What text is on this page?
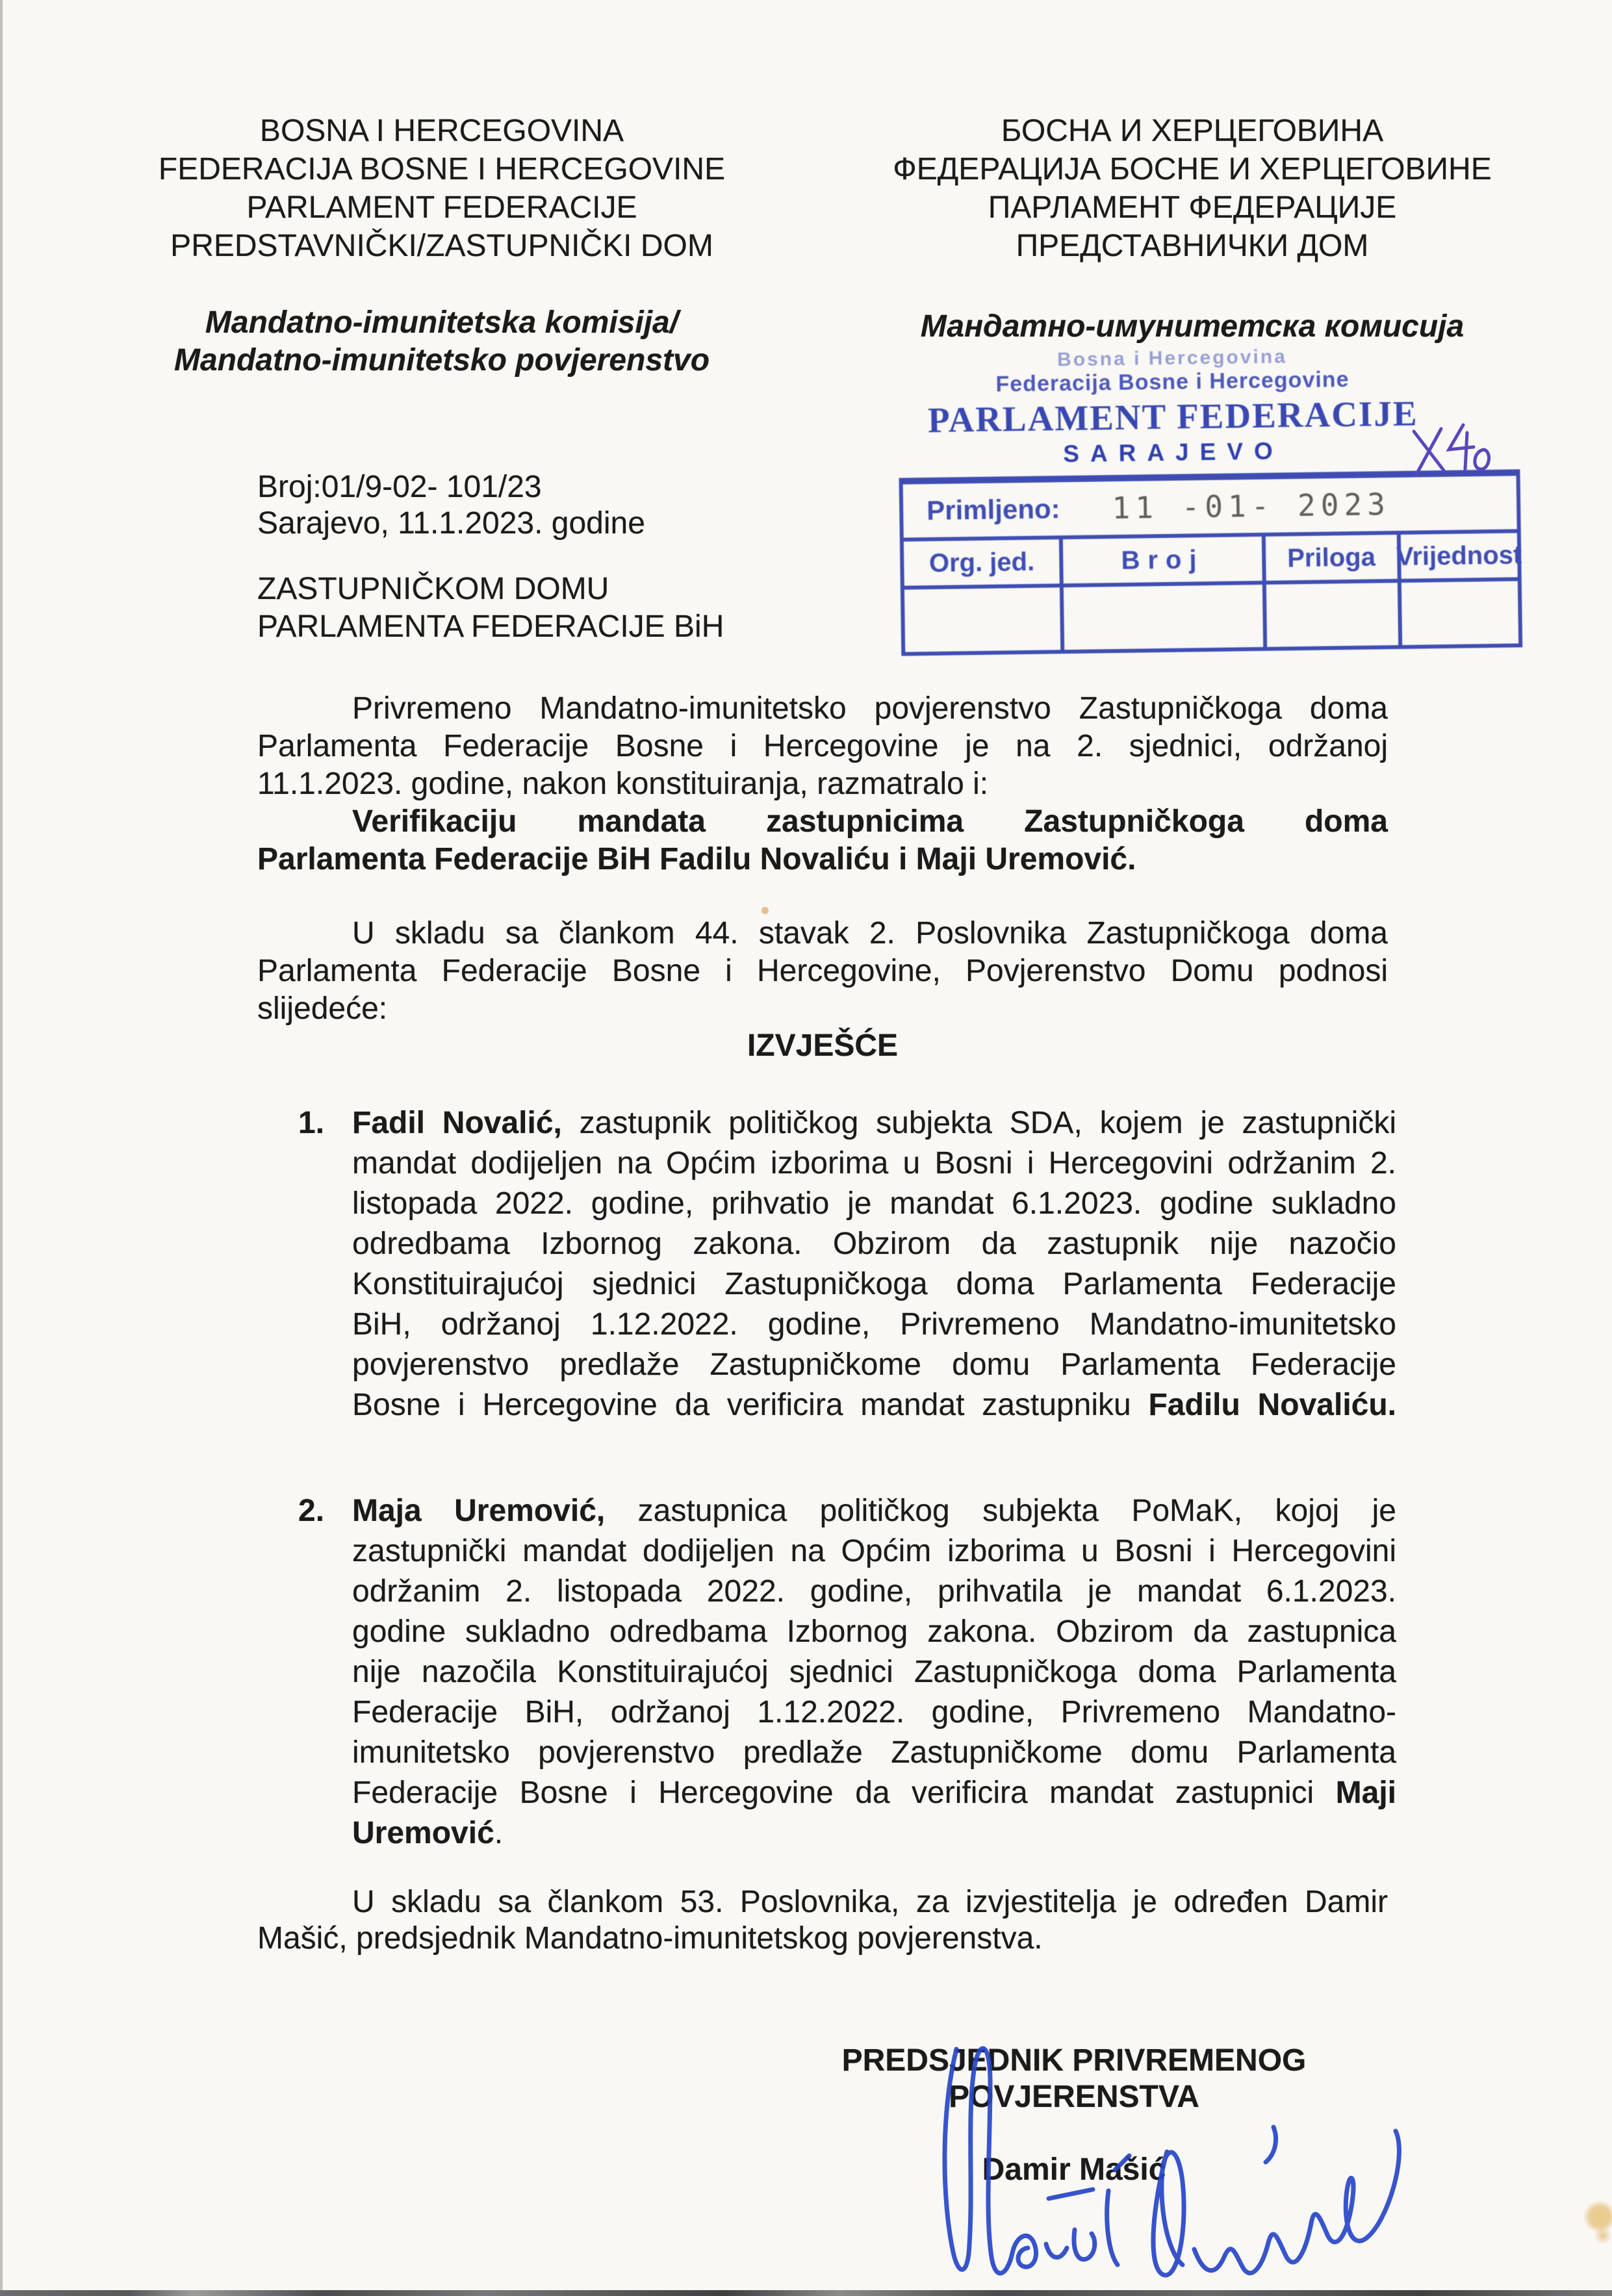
BOSNA I HERCEGOVINA
FEDERACIJA BOSNE I HERCEGOVINE
PARLAMENT FEDERACIJE
PREDSTAVNIČKI/ZASTUPNIČKI DOM
БОСНА И ХЕРЦЕГОВИНА
ФЕДЕРАЦИЈА БОСНЕ И ХЕРЦЕГОВИНЕ
ПАРЛАМЕНТ ФЕДЕРАЦИЈЕ
ПРЕДСТАВНИЧКИ ДОМ
Mandatno-imunitetska komisija/
Mandatno-imunitetsko povjerenstvo
Мандатно-имунитетска комисија
Bosna i Hercegovina
Federacija Bosne i Hercegovine
PARLAMENT FEDERACIJE
SARAJEVO
Primljeno: 11 -01- 2023
Org. jed.	Broj	Priloga Vrijednost
Broj:01/9-02- 101/23
Sarajevo, 11.1.2023. godine
ZASTUPNIČKOM DOMU
PARLAMENTA FEDERACIJE BiH
Privremeno Mandatno-imunitetsko povjerenstvo Zastupničkoga doma
Parlamenta Federacije Bosne i Hercegovine je na 2. sjednici, održanoj
11.1.2023. godine, nakon konstituiranja, razmatralo i:
Verifikaciju mandata zastupnicima Zastupničkoga doma
Parlamenta Federacije BiH Fadilu Novaliću i Maji Uremović.
U skladu sa člankom 44. stavak 2. Poslovnika Zastupničkoga doma
Parlamenta Federacije Bosne i Hercegovine, Povjerenstvo Domu podnosi
slijedeće:
IZVJEŠĆE
1. Fadil Novalić, zastupnik političkog subjekta SDA, kojem je zastupnički
mandat dodijeljen na Općim izborima u Bosni i Hercegovini održanim 2.
listopada 2022. godine, prihvatio je mandat 6.1.2023. godine sukladno
odredbama Izbornog zakona. Obzirom da zastupnik nije nazočio
Konstituirajućoj sjednici Zastupničkoga doma Parlamenta Federacije
BiH, održanoj 1.12.2022. godine, Privremeno Mandatno-imunitetsko
povjerenstvo predlaže Zastupničkome domu Parlamenta Federacije
Bosne i Hercegovine da verificira mandat zastupniku Fadilu Novaliću.
2. Maja Uremović, zastupnica političkog subjekta PoMaK, kojoj je
zastupnički mandat dodijeljen na Općim izborima u Bosni i Hercegovini
održanim 2. listopada 2022. godine, prihvatila je mandat 6.1.2023.
godine sukladno odredbama Izbornog zakona. Obzirom da zastupnica
nije nazočila Konstituirajućoj sjednici Zastupničkoga doma Parlamenta
Federacije BiH, održanoj 1.12.2022. godine, Privremeno Mandatno-
imunitetsko povjerenstvo predlaže Zastupničkome domu Parlamenta
Federacije Bosne i Hercegovine da verificira mandat zastupnici Maji
Uremović.
U skladu sa člankom 53. Poslovnika, za izvjestitelja je određen Damir
Mašić, predsjednik Mandatno-imunitetskog povjerenstva.
PREDSJEDNIK PRIVREMENOG
POVJERENSTVA
Damir Mašić
